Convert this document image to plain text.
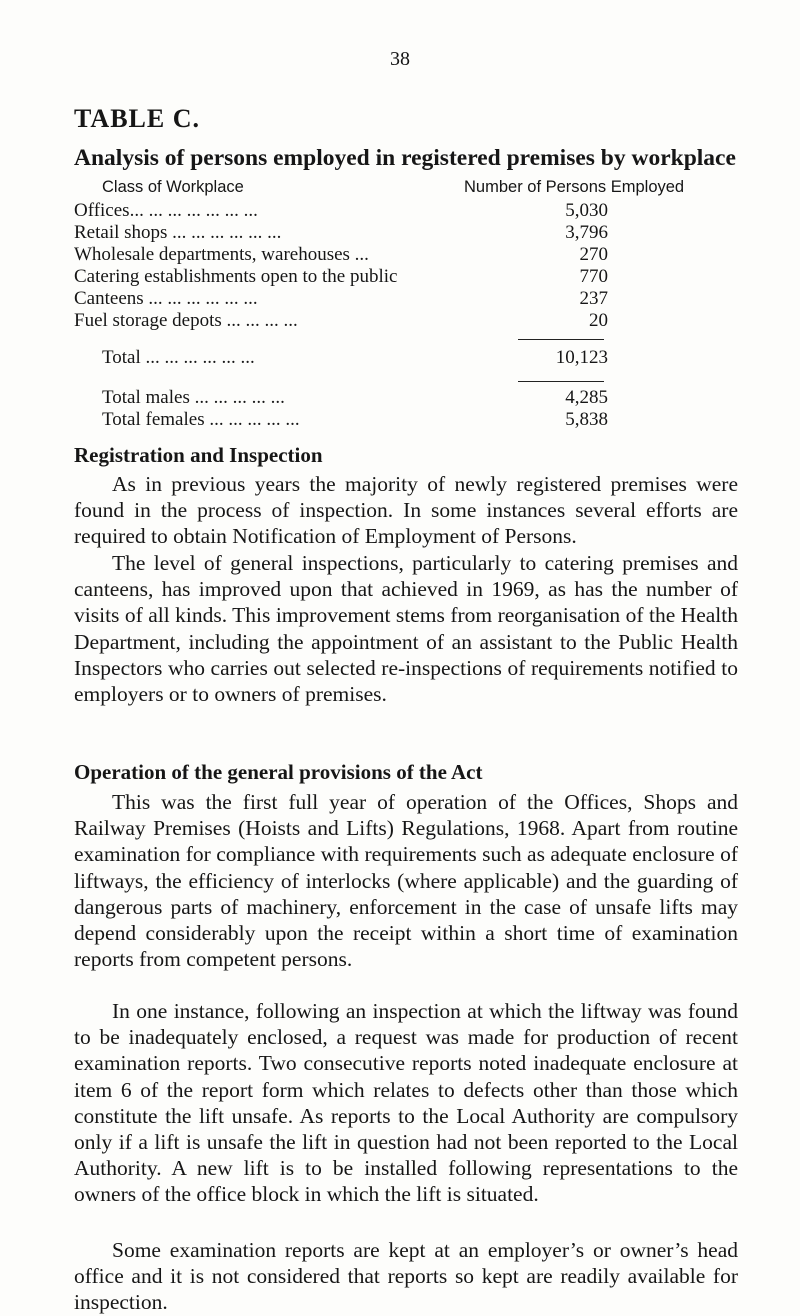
38
TABLE C.
Analysis of persons employed in registered premises by workplace
Class of Workplace	Number of Persons Employed
Offices... ... ... ... ... ... ...	5,030
Retail shops ... ... ... ... ... ...	3,796
Wholesale departments, warehouses ...	270
Catering establishments open to the public	770
Canteens ... ... ... ... ... ...	237
Fuel storage depots ... ... ... ...	20
Total ... ... ... ... ... ...	10,123
Total males ... ... ... ... ...	4,285
Total females ... ... ... ... ...	5,838
Registration and Inspection

As in previous years the majority of newly registered premises were found in the process of inspection. In some instances several efforts are required to obtain Notification of Employment of Persons.

The level of general inspections, particularly to catering premises and canteens, has improved upon that achieved in 1969, as has the number of visits of all kinds. This improvement stems from reorganisation of the Health Department, including the appointment of an assistant to the Public Health Inspectors who carries out selected re-inspections of requirements notified to employers or to owners of premises.

Operation of the general provisions of the Act

This was the first full year of operation of the Offices, Shops and Railway Premises (Hoists and Lifts) Regulations, 1968. Apart from routine examination for compliance with requirements such as adequate enclosure of liftways, the efficiency of interlocks (where applicable) and the guarding of dangerous parts of machinery, enforcement in the case of unsafe lifts may depend considerably upon the receipt within a short time of examination reports from competent persons.

In one instance, following an inspection at which the liftway was found to be inadequately enclosed, a request was made for production of recent examination reports. Two consecutive reports noted inadequate enclosure at item 6 of the report form which relates to defects other than those which constitute the lift unsafe. As reports to the Local Authority are compulsory only if a lift is unsafe the lift in question had not been reported to the Local Authority. A new lift is to be installed following representations to the owners of the office block in which the lift is situated.

Some examination reports are kept at an employer’s or owner’s head office and it is not considered that reports so kept are readily available for inspection.
